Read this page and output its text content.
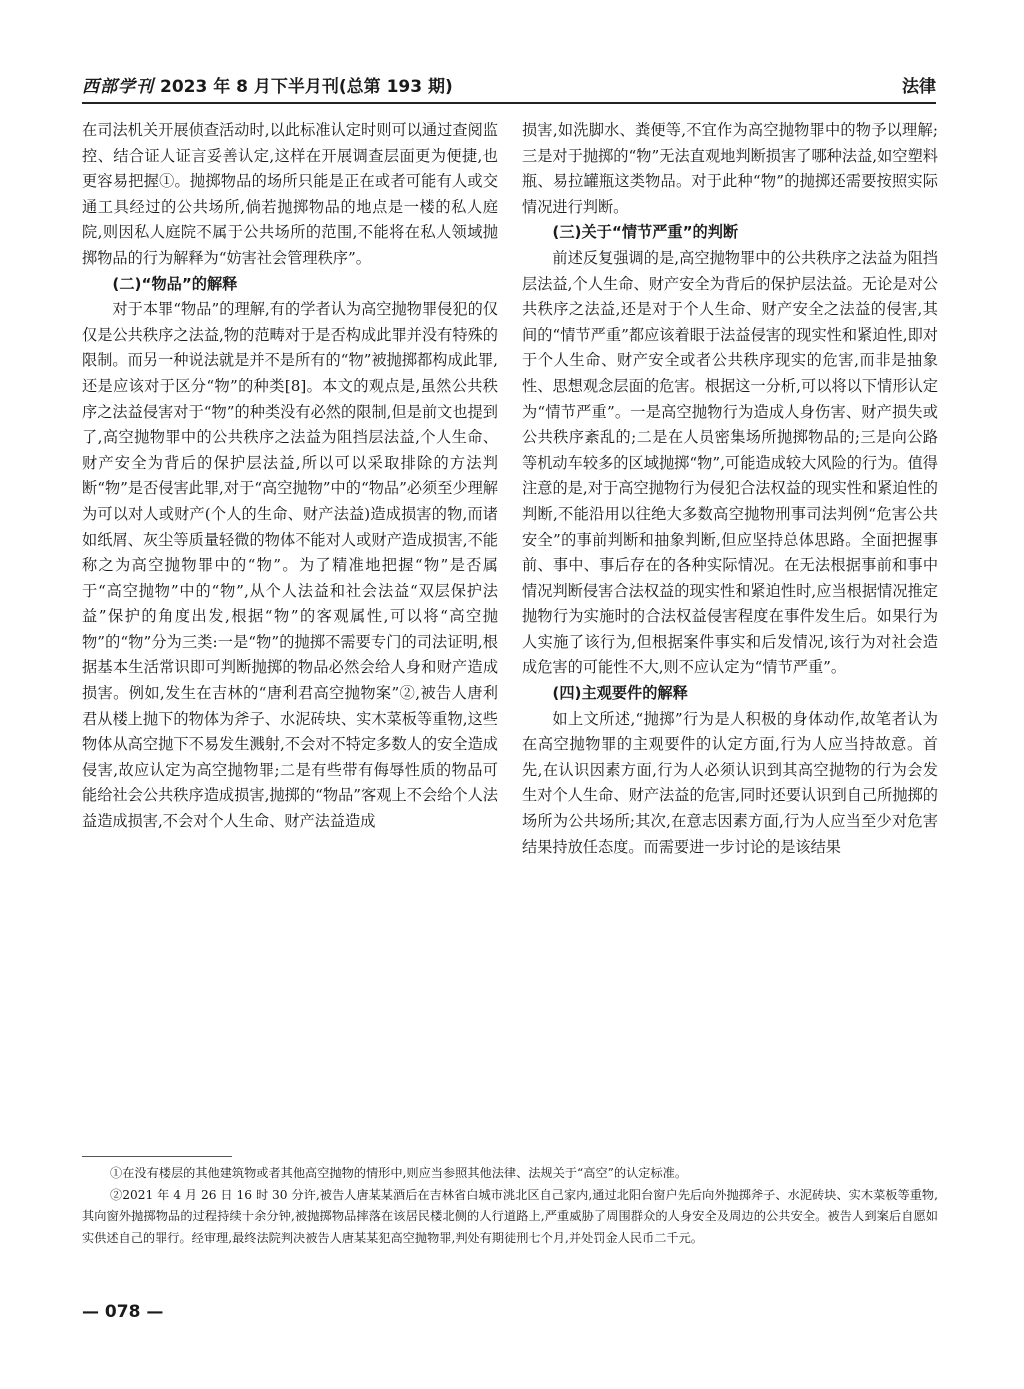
西部学刊 2023 年 8 月下半月刊(总第 193 期)	法律

在司法机关开展侦查活动时,以此标准认定时则可以通过查阅监控、结合证人证言妥善认定,这样在开展调查层面更为便捷,也更容易把握①。抛掷物品的场所只能是正在或者可能有人或交通工具经过的公共场所,倘若抛掷物品的地点是一楼的私人庭院,则因私人庭院不属于公共场所的范围,不能将在私人领域抛掷物品的行为解释为“妨害社会管理秩序”。

(二)“物品”的解释

对于本罪“物品”的理解,有的学者认为高空抛物罪侵犯的仅仅是公共秩序之法益,物的范畴对于是否构成此罪并没有特殊的限制。而另一种说法就是并不是所有的“物”被抛掷都构成此罪,还是应该对于区分“物”的种类[8]。本文的观点是,虽然公共秩序之法益侵害对于“物”的种类没有必然的限制,但是前文也提到了,高空抛物罪中的公共秩序之法益为阻挡层法益,个人生命、财产安全为背后的保护层法益,所以可以采取排除的方法判断“物”是否侵害此罪,对于“高空抛物”中的“物品”必须至少理解为可以对人或财产(个人的生命、财产法益)造成损害的物,而诸如纸屑、灰尘等质量轻微的物体不能对人或财产造成损害,不能称之为高空抛物罪中的“物”。为了精准地把握“物”是否属于“高空抛物”中的“物”,从个人法益和社会法益“双层保护法益”保护的角度出发,根据“物”的客观属性,可以将“高空抛物”的“物”分为三类:一是“物”的抛掷不需要专门的司法证明,根据基本生活常识即可判断抛掷的物品必然会给人身和财产造成损害。例如,发生在吉林的“唐利君高空抛物案”②,被告人唐利君从楼上抛下的物体为斧子、水泥砖块、实木菜板等重物,这些物体从高空抛下不易发生溅射,不会对不特定多数人的安全造成侵害,故应认定为高空抛物罪;二是有些带有侮辱性质的物品可能给社会公共秩序造成损害,抛掷的“物品”客观上不会给个人法益造成损害,不会对个人生命、财产法益造成

损害,如洗脚水、粪便等,不宜作为高空抛物罪中的物予以理解;三是对于抛掷的“物”无法直观地判断损害了哪种法益,如空塑料瓶、易拉罐瓶这类物品。对于此种“物”的抛掷还需要按照实际情况进行判断。

(三)关于“情节严重”的判断

前述反复强调的是,高空抛物罪中的公共秩序之法益为阻挡层法益,个人生命、财产安全为背后的保护层法益。无论是对公共秩序之法益,还是对于个人生命、财产安全之法益的侵害,其间的“情节严重”都应该着眼于法益侵害的现实性和紧迫性,即对于个人生命、财产安全或者公共秩序现实的危害,而非是抽象性、思想观念层面的危害。根据这一分析,可以将以下情形认定为“情节严重”。一是高空抛物行为造成人身伤害、财产损失或公共秩序紊乱的;二是在人员密集场所抛掷物品的;三是向公路等机动车较多的区域抛掷“物”,可能造成较大风险的行为。值得注意的是,对于高空抛物行为侵犯合法权益的现实性和紧迫性的判断,不能沿用以往绝大多数高空抛物刑事司法判例“危害公共安全”的事前判断和抽象判断,但应坚持总体思路。全面把握事前、事中、事后存在的各种实际情况。在无法根据事前和事中情况判断侵害合法权益的现实性和紧迫性时,应当根据情况推定抛物行为实施时的合法权益侵害程度在事件发生后。如果行为人实施了该行为,但根据案件事实和后发情况,该行为对社会造成危害的可能性不大,则不应认定为“情节严重”。

(四)主观要件的解释

如上文所述,“抛掷”行为是人积极的身体动作,故笔者认为在高空抛物罪的主观要件的认定方面,行为人应当持故意。首先,在认识因素方面,行为人必须认识到其高空抛物的行为会发生对个人生命、财产法益的危害,同时还要认识到自己所抛掷的场所为公共场所;其次,在意志因素方面,行为人应当至少对危害结果持放任态度。而需要进一步讨论的是该结果

①在没有楼层的其他建筑物或者其他高空抛物的情形中,则应当参照其他法律、法规关于“高空”的认定标准。

②2021 年 4 月 26 日 16 时 30 分许,被告人唐某某酒后在吉林省白城市洮北区自己家内,通过北阳台窗户先后向外抛掷斧子、水泥砖块、实木菜板等重物,其向窗外抛掷物品的过程持续十余分钟,被抛掷物品摔落在该居民楼北侧的人行道路上,严重威胁了周围群众的人身安全及周边的公共安全。被告人到案后自愿如实供述自己的罪行。经审理,最终法院判决被告人唐某某犯高空抛物罪,判处有期徒刑七个月,并处罚金人民币二千元。

— 078 —
